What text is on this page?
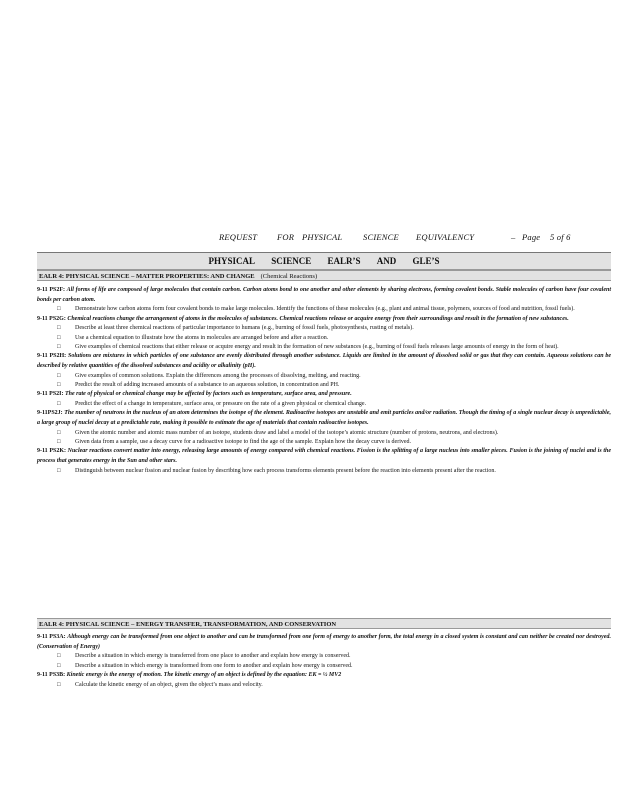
REQUEST FOR PHYSICAL SCIENCE EQUIVALENCY	– Page 5 of 6
PHYSICAL SCIENCE EALR’S AND GLE’S
EALR 4: PHYSICAL SCIENCE – MATTER PROPERTIES: AND CHANGE (Chemical Reactions)

9-11 PS2F: All forms of life are composed of large molecules that contain carbon. Carbon atoms bond to one another and other elements by sharing electrons, forming covalent bonds. Stable molecules of carbon have four covalent bonds per carbon atom.

□ Demonstrate how carbon atoms form four covalent bonds to make large molecules. Identify the functions of these molecules (e.g., plant and animal tissue, polymers, sources of food and nutrition, fossil fuels).

9-11 PS2G: Chemical reactions change the arrangement of atoms in the molecules of substances. Chemical reactions release or acquire energy from their surroundings and result in the formation of new substances.

□ Describe at least three chemical reactions of particular importance to humans (e.g., burning of fossil fuels, photosynthesis, rusting of metals).

□ Use a chemical equation to illustrate how the atoms in molecules are arranged before and after a reaction.

□ Give examples of chemical reactions that either release or acquire energy and result in the formation of new substances (e.g., burning of fossil fuels releases large amounts of energy in the form of heat).

9-11 PS2H: Solutions are mixtures in which particles of one substance are evenly distributed through another substance. Liquids are limited in the amount of dissolved solid or gas that they can contain. Aqueous solutions can be described by relative quantities of the dissolved substances and acidity or alkalinity (pH).

□ Give examples of common solutions. Explain the differences among the processes of dissolving, melting, and reacting.

□ Predict the result of adding increased amounts of a substance to an aqueous solution, in concentration and PH.

9-11 PS2I: The rate of physical or chemical change may be affected by factors such as temperature, surface area, and pressure.

□ Predict the effect of a change in temperature, surface area, or pressure on the rate of a given physical or chemical change.

9-11PS2J: The number of neutrons in the nucleus of an atom determines the isotope of the element. Radioactive isotopes are unstable and emit particles and/or radiation. Though the timing of a single nuclear decay is unpredictable, a large group of nuclei decay at a predictable rate, making it possible to estimate the age of materials that contain radioactive isotopes.

□ Given the atomic number and atomic mass number of an isotope, students draw and label a model of the isotope’s atomic structure (number of protons, neutrons, and electrons).

□ Given data from a sample, use a decay curve for a radioactive isotope to find the age of the sample. Explain how the decay curve is derived.

9-11 PS2K: Nuclear reactions convert matter into energy, releasing large amounts of energy compared with chemical reactions. Fission is the splitting of a large nucleus into smaller pieces. Fusion is the joining of nuclei and is the process that generates energy in the Sun and other stars.

□ Distinguish between nuclear fission and nuclear fusion by describing how each process transforms elements present before the reaction into elements present after the reaction.

EALR 4: PHYSICAL SCIENCE – ENERGY TRANSFER, TRANSFORMATION, AND CONSERVATION

9-11 PS3A: Although energy can be transformed from one object to another and can be transformed from one form of energy to another form, the total energy in a closed system is constant and can neither be created nor destroyed. (Conservation of Energy)

□ Describe a situation in which energy is transferred from one place to another and explain how energy is conserved.

□ Describe a situation in which energy is transformed from one form to another and explain how energy is conserved.

9-11 PS3B: Kinetic energy is the energy of motion. The kinetic energy of an object is defined by the equation: EK = ½ MV2

□ Calculate the kinetic energy of an object, given the object’s mass and velocity.
